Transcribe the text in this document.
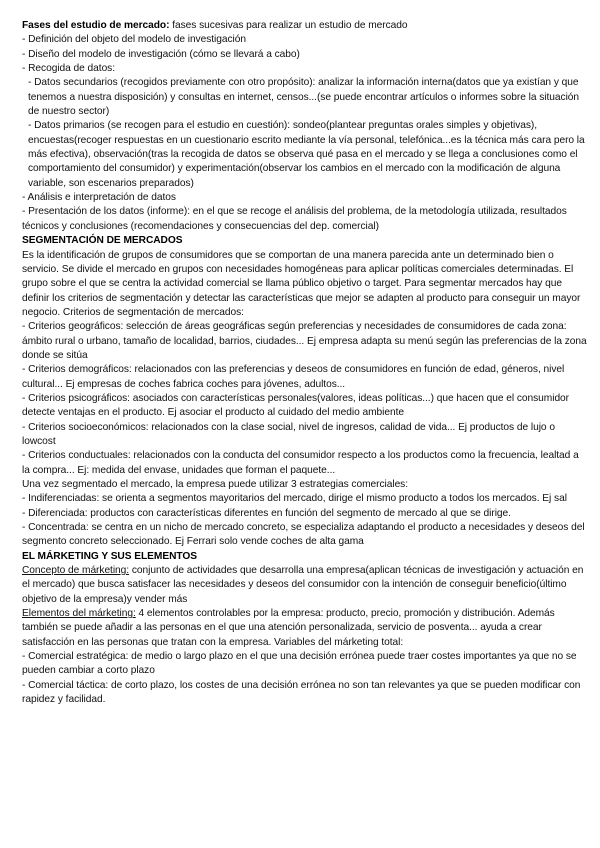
Fases del estudio de mercado: fases sucesivas para realizar un estudio de mercado

- Definición del objeto del modelo de investigación

- Diseño del modelo de investigación (cómo se llevará a cabo)

- Recogida de datos:

- Datos secundarios (recogidos previamente con otro propósito): analizar la información interna(datos que ya existían y que tenemos a nuestra disposición) y consultas en internet, censos...(se puede encontrar artículos o informes sobre la situación de nuestro sector)

- Datos primarios (se recogen para el estudio en cuestión): sondeo(plantear preguntas orales simples y objetivas), encuestas(recoger respuestas en un cuestionario escrito mediante la vía personal, telefónica...es la técnica más cara pero la más efectiva), observación(tras la recogida de datos se observa qué pasa en el mercado y se llega a conclusiones como el comportamiento del consumidor) y experimentación(observar los cambios en el mercado con la modificación de alguna variable, son escenarios preparados)

- Análisis e interpretación de datos

- Presentación de los datos (informe): en el que se recoge el análisis del problema, de la metodología utilizada, resultados técnicos y conclusiones (recomendaciones y consecuencias del dep. comercial)

SEGMENTACIÓN DE MERCADOS

Es la identificación de grupos de consumidores que se comportan de una manera parecida ante un determinado bien o servicio. Se divide el mercado en grupos con necesidades homogéneas para aplicar políticas comerciales determinadas. El grupo sobre el que se centra la actividad comercial se llama público objetivo o target. Para segmentar mercados hay que definir los criterios de segmentación y detectar las características que mejor se adapten al producto para conseguir un mayor negocio. Criterios de segmentación de mercados:

- Criterios geográficos: selección de áreas geográficas según preferencias y necesidades de consumidores de cada zona: ámbito rural o urbano, tamaño de localidad, barrios, ciudades... Ej empresa adapta su menú según las preferencias de la zona donde se sitúa

- Criterios demográficos: relacionados con las preferencias y deseos de consumidores en función de edad, géneros, nivel cultural... Ej empresas de coches fabrica coches para jóvenes, adultos...

- Criterios psicográficos: asociados con características personales(valores, ideas políticas...) que hacen que el consumidor detecte ventajas en el producto. Ej asociar el producto al cuidado del medio ambiente

- Criterios socioeconómicos: relacionados con la clase social, nivel de ingresos, calidad de vida... Ej productos de lujo o lowcost

- Criterios conductuales: relacionados con la conducta del consumidor respecto a los productos como la frecuencia, lealtad a la compra... Ej: medida del envase, unidades que forman el paquete...

Una vez segmentado el mercado, la empresa puede utilizar 3 estrategias comerciales:

- Indiferenciadas: se orienta a segmentos mayoritarios del mercado, dirige el mismo producto a todos los mercados. Ej sal

- Diferenciada: productos con características diferentes en función del segmento de mercado al que se dirige.

- Concentrada: se centra en un nicho de mercado concreto, se especializa adaptando el producto a necesidades y deseos del segmento concreto seleccionado. Ej Ferrari solo vende coches de alta gama

EL MÁRKETING Y SUS ELEMENTOS

Concepto de márketing: conjunto de actividades que desarrolla una empresa(aplican técnicas de investigación y actuación en el mercado) que busca satisfacer las necesidades y deseos del consumidor con la intención de conseguir beneficio(último objetivo de la empresa)y vender más

Elementos del márketing: 4 elementos controlables por la empresa: producto, precio, promoción y distribución. Además también se puede añadir a las personas en el que una atención personalizada, servicio de posventa... ayuda a crear satisfacción en las personas que tratan con la empresa. Variables del márketing total:

- Comercial estratégica: de medio o largo plazo en el que una decisión errónea puede traer costes importantes ya que no se pueden cambiar a corto plazo

- Comercial táctica: de corto plazo, los costes de una decisión errónea no son tan relevantes ya que se pueden modificar con rapidez y facilidad.
